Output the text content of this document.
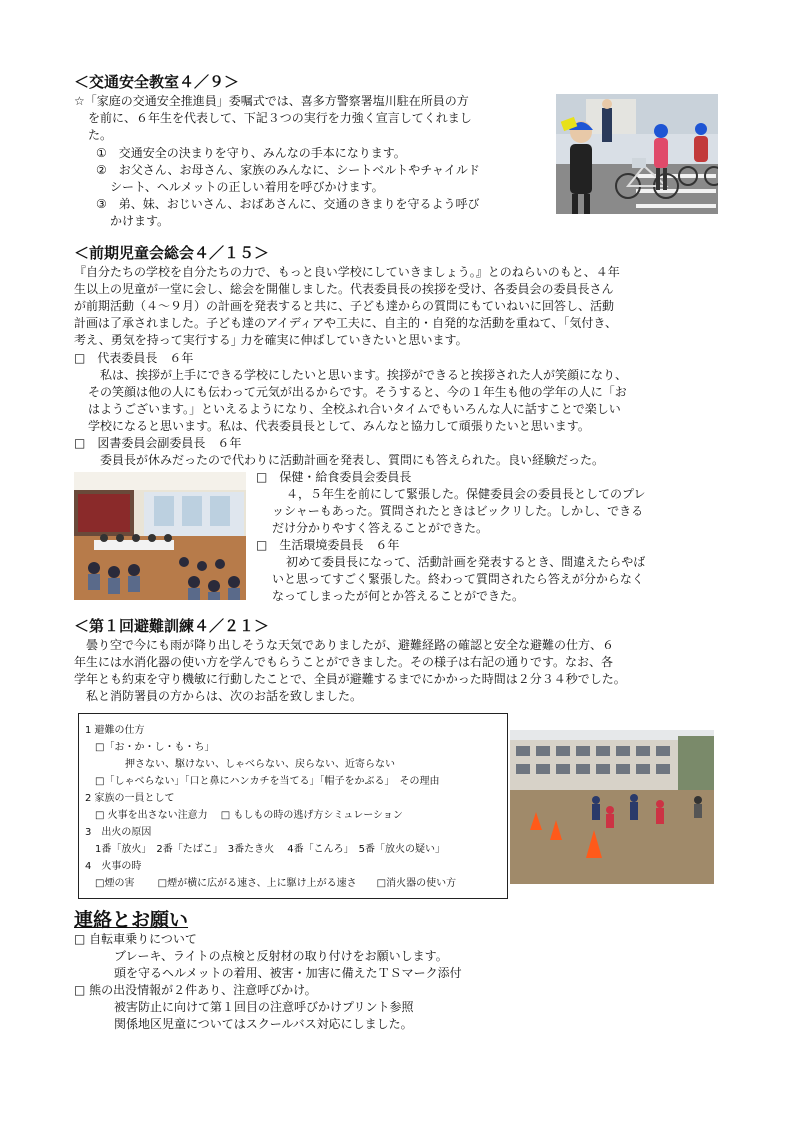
＜交通安全教室４／９＞
☆「家庭の交通安全推進員」委嘱式では、喜多方警察署塩川駐在所員の方
を前に、６年生を代表して、下記３つの実行を力強く宣言してくれまし
た。
①　交通安全の決まりを守り、みんなの手本になります。
②　お父さん、お母さん、家族のみんなに、シートベルトやチャイルド
シート、ヘルメットの正しい着用を呼びかけます。
③　弟、妹、おじいさん、おばあさんに、交通のきまりを守るよう呼び
かけます。
＜前期児童会総会４／１５＞
『自分たちの学校を自分たちの力で、もっと良い学校にしていきましょう。』とのねらいのもと、４年
生以上の児童が一堂に会し、総会を開催しました。代表委員長の挨拶を受け、各委員会の委員長さん
が前期活動（４～９月）の計画を発表すると共に、子ども達からの質問にもていねいに回答し、活動
計画は了承されました。子ども達のアイディアや工夫に、自主的・自発的な活動を重ねて、｢気付き、
考え、勇気を持って実行する｣ 力を確実に伸ばしていきたいと思います。
□　代表委員長　６年
　私は、挨拶が上手にできる学校にしたいと思います。挨拶ができると挨拶された人が笑顔になり、
その笑顔は他の人にも伝わって元気が出るからです。そうすると、今の１年生も他の学年の人に「お
はようございます。」といえるようになり、全校ふれ合いタイムでもいろんな人に話すことで楽しい
学校になると思います。私は、代表委員長として、みんなと協力して頑張りたいと思います。
□　図書委員会副委員長　６年
委員長が休みだったので代わりに活動計画を発表し、質問にも答えられた。良い経験だった。
□　保健・給食委員会委員長
４，５年生を前にして緊張した。保健委員会の委員長としてのプレ
ッシャーもあった。質問されたときはビックリした。しかし、できる
だけ分かりやすく答えることができた。
□　生活環境委員長　６年
初めて委員長になって、活動計画を発表するとき、間違えたらやば
いと思ってすごく緊張した。終わって質問されたら答えが分からなく
なってしまったが何とか答えることができた。
＜第１回避難訓練４／２１＞
　曇り空で今にも雨が降り出しそうな天気でありましたが、避難経路の確認と安全な避難の仕方、６
年生には水消化器の使い方を学んでもらうことができました。その様子は右記の通りです。なお、各
学年とも約束を守り機敏に行動したことで、全員が避難するまでにかかった時間は２分３４秒でした。
　私と消防署員の方からは、次のお話を致しました。
1 避難の仕方
　□「お・か・し・も・ち」
　　　　押さない、駆けない、しゃべらない、戻らない、近寄らない
　□「しゃべらない」｢口と鼻にハンカチを当てる｣「帽子をかぶる」　その理由
2 家族の一員として
　□ 火事を出さない注意力　 □ もしもの時の逃げ方シミュレーション
3　出火の原因
　1番「放火」　2番「たばこ」　3番たき火　 4番「こんろ」　5番「放火の疑い」
4　火事の時
　□煙の害　　 □煙が横に広がる速さ、上に駆け上がる速さ　　□消火器の使い方
連絡とお願い
□ 自転車乗りについて
ブレーキ、ライトの点検と反射材の取り付けをお願いします。
頭を守るヘルメットの着用、被害・加害に備えたＴＳマーク添付
□ 熊の出没情報が２件あり、注意呼びかけ。
被害防止に向けて第１回目の注意呼びかけプリント参照
関係地区児童についてはスクールバス対応にしました。
